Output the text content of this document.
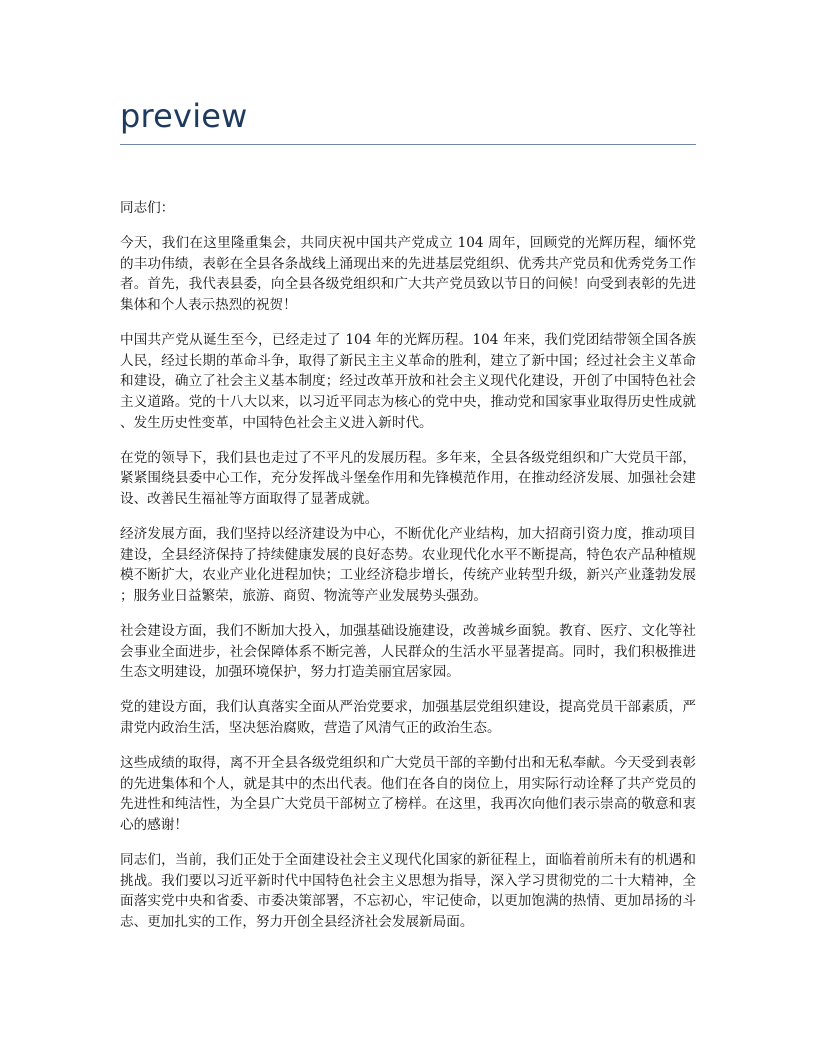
preview

同志们：

今天，我们在这里隆重集会，共同庆祝中国共产党成立 104 周年，回顾党的光辉历程，缅怀党的丰功伟绩，表彰在全县各条战线上涌现出来的先进基层党组织、优秀共产党员和优秀党务工作者。首先，我代表县委，向全县各级党组织和广大共产党员致以节日的问候！向受到表彰的先进集体和个人表示热烈的祝贺！

中国共产党从诞生至今，已经走过了 104 年的光辉历程。104 年来，我们党团结带领全国各族人民，经过长期的革命斗争，取得了新民主主义革命的胜利，建立了新中国；经过社会主义革命和建设，确立了社会主义基本制度；经过改革开放和社会主义现代化建设，开创了中国特色社会主义道路。党的十八大以来，以习近平同志为核心的党中央，推动党和国家事业取得历史性成就、发生历史性变革，中国特色社会主义进入新时代。

在党的领导下，我们县也走过了不平凡的发展历程。多年来，全县各级党组织和广大党员干部，紧紧围绕县委中心工作，充分发挥战斗堡垒作用和先锋模范作用，在推动经济发展、加强社会建设、改善民生福祉等方面取得了显著成就。

经济发展方面，我们坚持以经济建设为中心，不断优化产业结构，加大招商引资力度，推动项目建设，全县经济保持了持续健康发展的良好态势。农业现代化水平不断提高，特色农产品种植规模不断扩大，农业产业化进程加快；工业经济稳步增长，传统产业转型升级，新兴产业蓬勃发展；服务业日益繁荣，旅游、商贸、物流等产业发展势头强劲。

社会建设方面，我们不断加大投入，加强基础设施建设，改善城乡面貌。教育、医疗、文化等社会事业全面进步，社会保障体系不断完善，人民群众的生活水平显著提高。同时，我们积极推进生态文明建设，加强环境保护，努力打造美丽宜居家园。

党的建设方面，我们认真落实全面从严治党要求，加强基层党组织建设，提高党员干部素质，严肃党内政治生活，坚决惩治腐败，营造了风清气正的政治生态。

这些成绩的取得，离不开全县各级党组织和广大党员干部的辛勤付出和无私奉献。今天受到表彰的先进集体和个人，就是其中的杰出代表。他们在各自的岗位上，用实际行动诠释了共产党员的先进性和纯洁性，为全县广大党员干部树立了榜样。在这里，我再次向他们表示崇高的敬意和衷心的感谢！

同志们，当前，我们正处于全面建设社会主义现代化国家的新征程上，面临着前所未有的机遇和挑战。我们要以习近平新时代中国特色社会主义思想为指导，深入学习贯彻党的二十大精神，全面落实党中央和省委、市委决策部署，不忘初心，牢记使命，以更加饱满的热情、更加昂扬的斗志、更加扎实的工作，努力开创全县经济社会发展新局面。
